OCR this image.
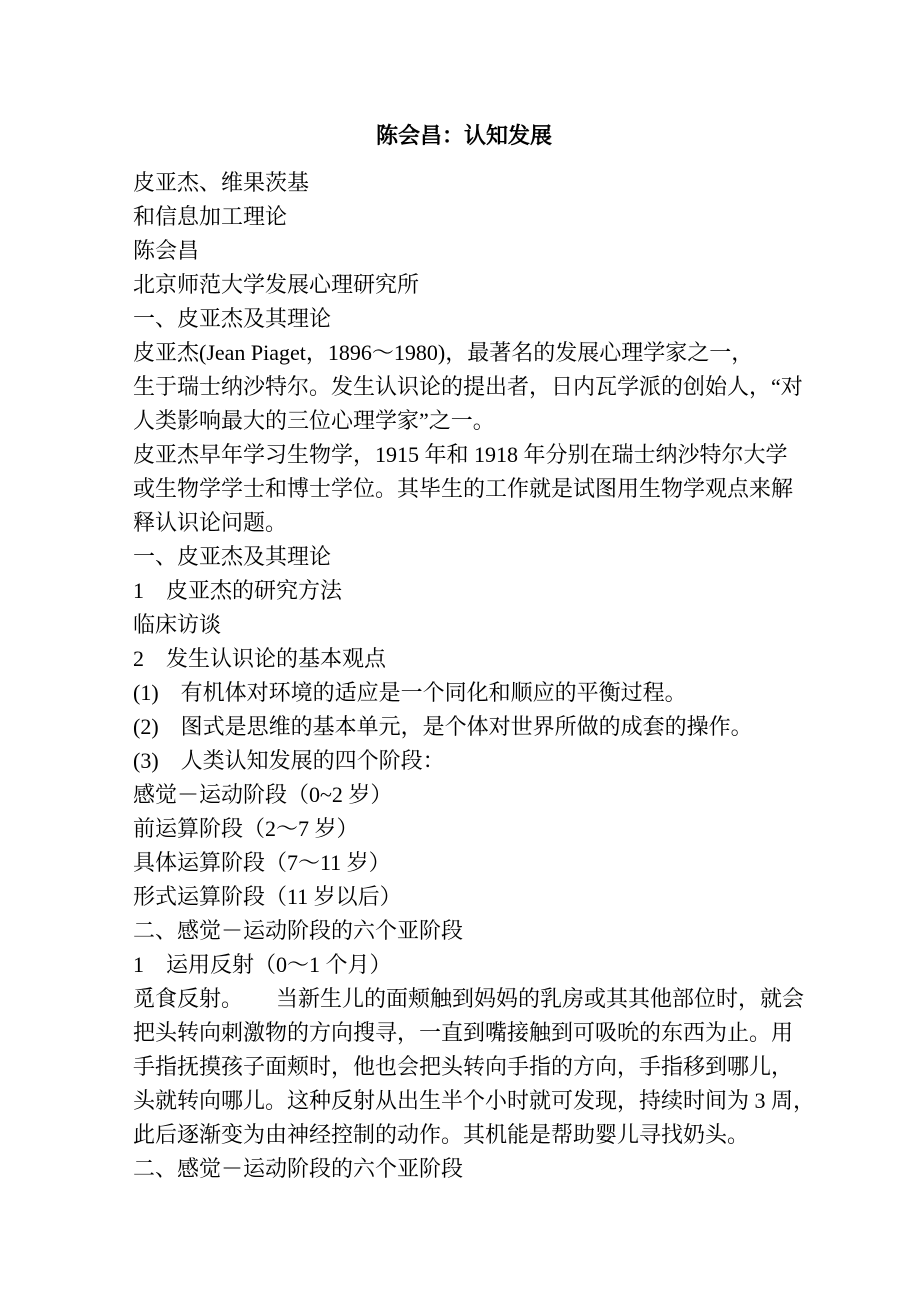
陈会昌：认知发展
皮亚杰、维果茨基
和信息加工理论
陈会昌
北京师范大学发展心理研究所
一、皮亚杰及其理论
皮亚杰(Jean Piaget，1896～1980)，最著名的发展心理学家之一，
生于瑞士纳沙特尔。发生认识论的提出者，日内瓦学派的创始人，“对
人类影响最大的三位心理学家”之一。
皮亚杰早年学习生物学，1915 年和 1918 年分别在瑞士纳沙特尔大学
或生物学学士和博士学位。其毕生的工作就是试图用生物学观点来解
释认识论问题。
一、皮亚杰及其理论
1　皮亚杰的研究方法
临床访谈
2　发生认识论的基本观点
(1)　有机体对环境的适应是一个同化和顺应的平衡过程。
(2)　图式是思维的基本单元，是个体对世界所做的成套的操作。
(3)　人类认知发展的四个阶段：
感觉－运动阶段（0~2 岁）
前运算阶段（2～7 岁）
具体运算阶段（7～11 岁）
形式运算阶段（11 岁以后）
二、感觉－运动阶段的六个亚阶段
1　运用反射（0～1 个月）
觅食反射。　　当新生儿的面颊触到妈妈的乳房或其其他部位时，就会
把头转向刺激物的方向搜寻，一直到嘴接触到可吸吮的东西为止。用
手指抚摸孩子面颊时，他也会把头转向手指的方向，手指移到哪儿，
头就转向哪儿。这种反射从出生半个小时就可发现，持续时间为 3 周，
此后逐渐变为由神经控制的动作。其机能是帮助婴儿寻找奶头。
二、感觉－运动阶段的六个亚阶段
